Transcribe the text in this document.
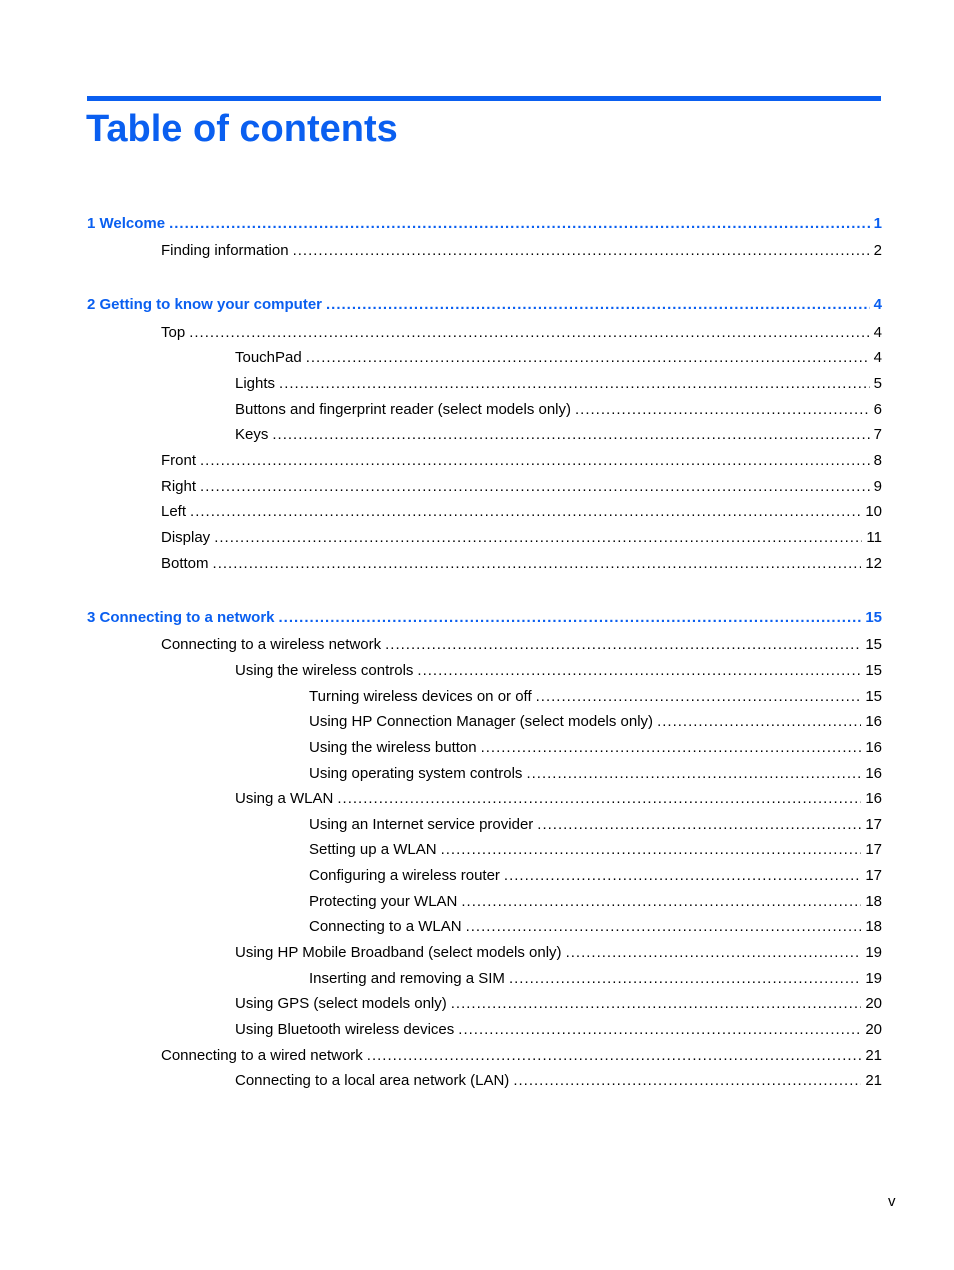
Table of contents
1 Welcome .....	1
Finding information .....	2
2 Getting to know your computer .....	4
Top .....	4
TouchPad .....	4
Lights .....	5
Buttons and fingerprint reader (select models only) .....	6
Keys .....	7
Front .....	8
Right .....	9
Left .....	10
Display .....	11
Bottom .....	12
3 Connecting to a network .....	15
Connecting to a wireless network .....	15
Using the wireless controls .....	15
Turning wireless devices on or off .....	15
Using HP Connection Manager (select models only) .....	16
Using the wireless button .....	16
Using operating system controls .....	16
Using a WLAN .....	16
Using an Internet service provider .....	17
Setting up a WLAN .....	17
Configuring a wireless router .....	17
Protecting your WLAN .....	18
Connecting to a WLAN .....	18
Using HP Mobile Broadband (select models only) .....	19
Inserting and removing a SIM .....	19
Using GPS (select models only) .....	20
Using Bluetooth wireless devices .....	20
Connecting to a wired network .....	21
Connecting to a local area network (LAN) .....	21
v
